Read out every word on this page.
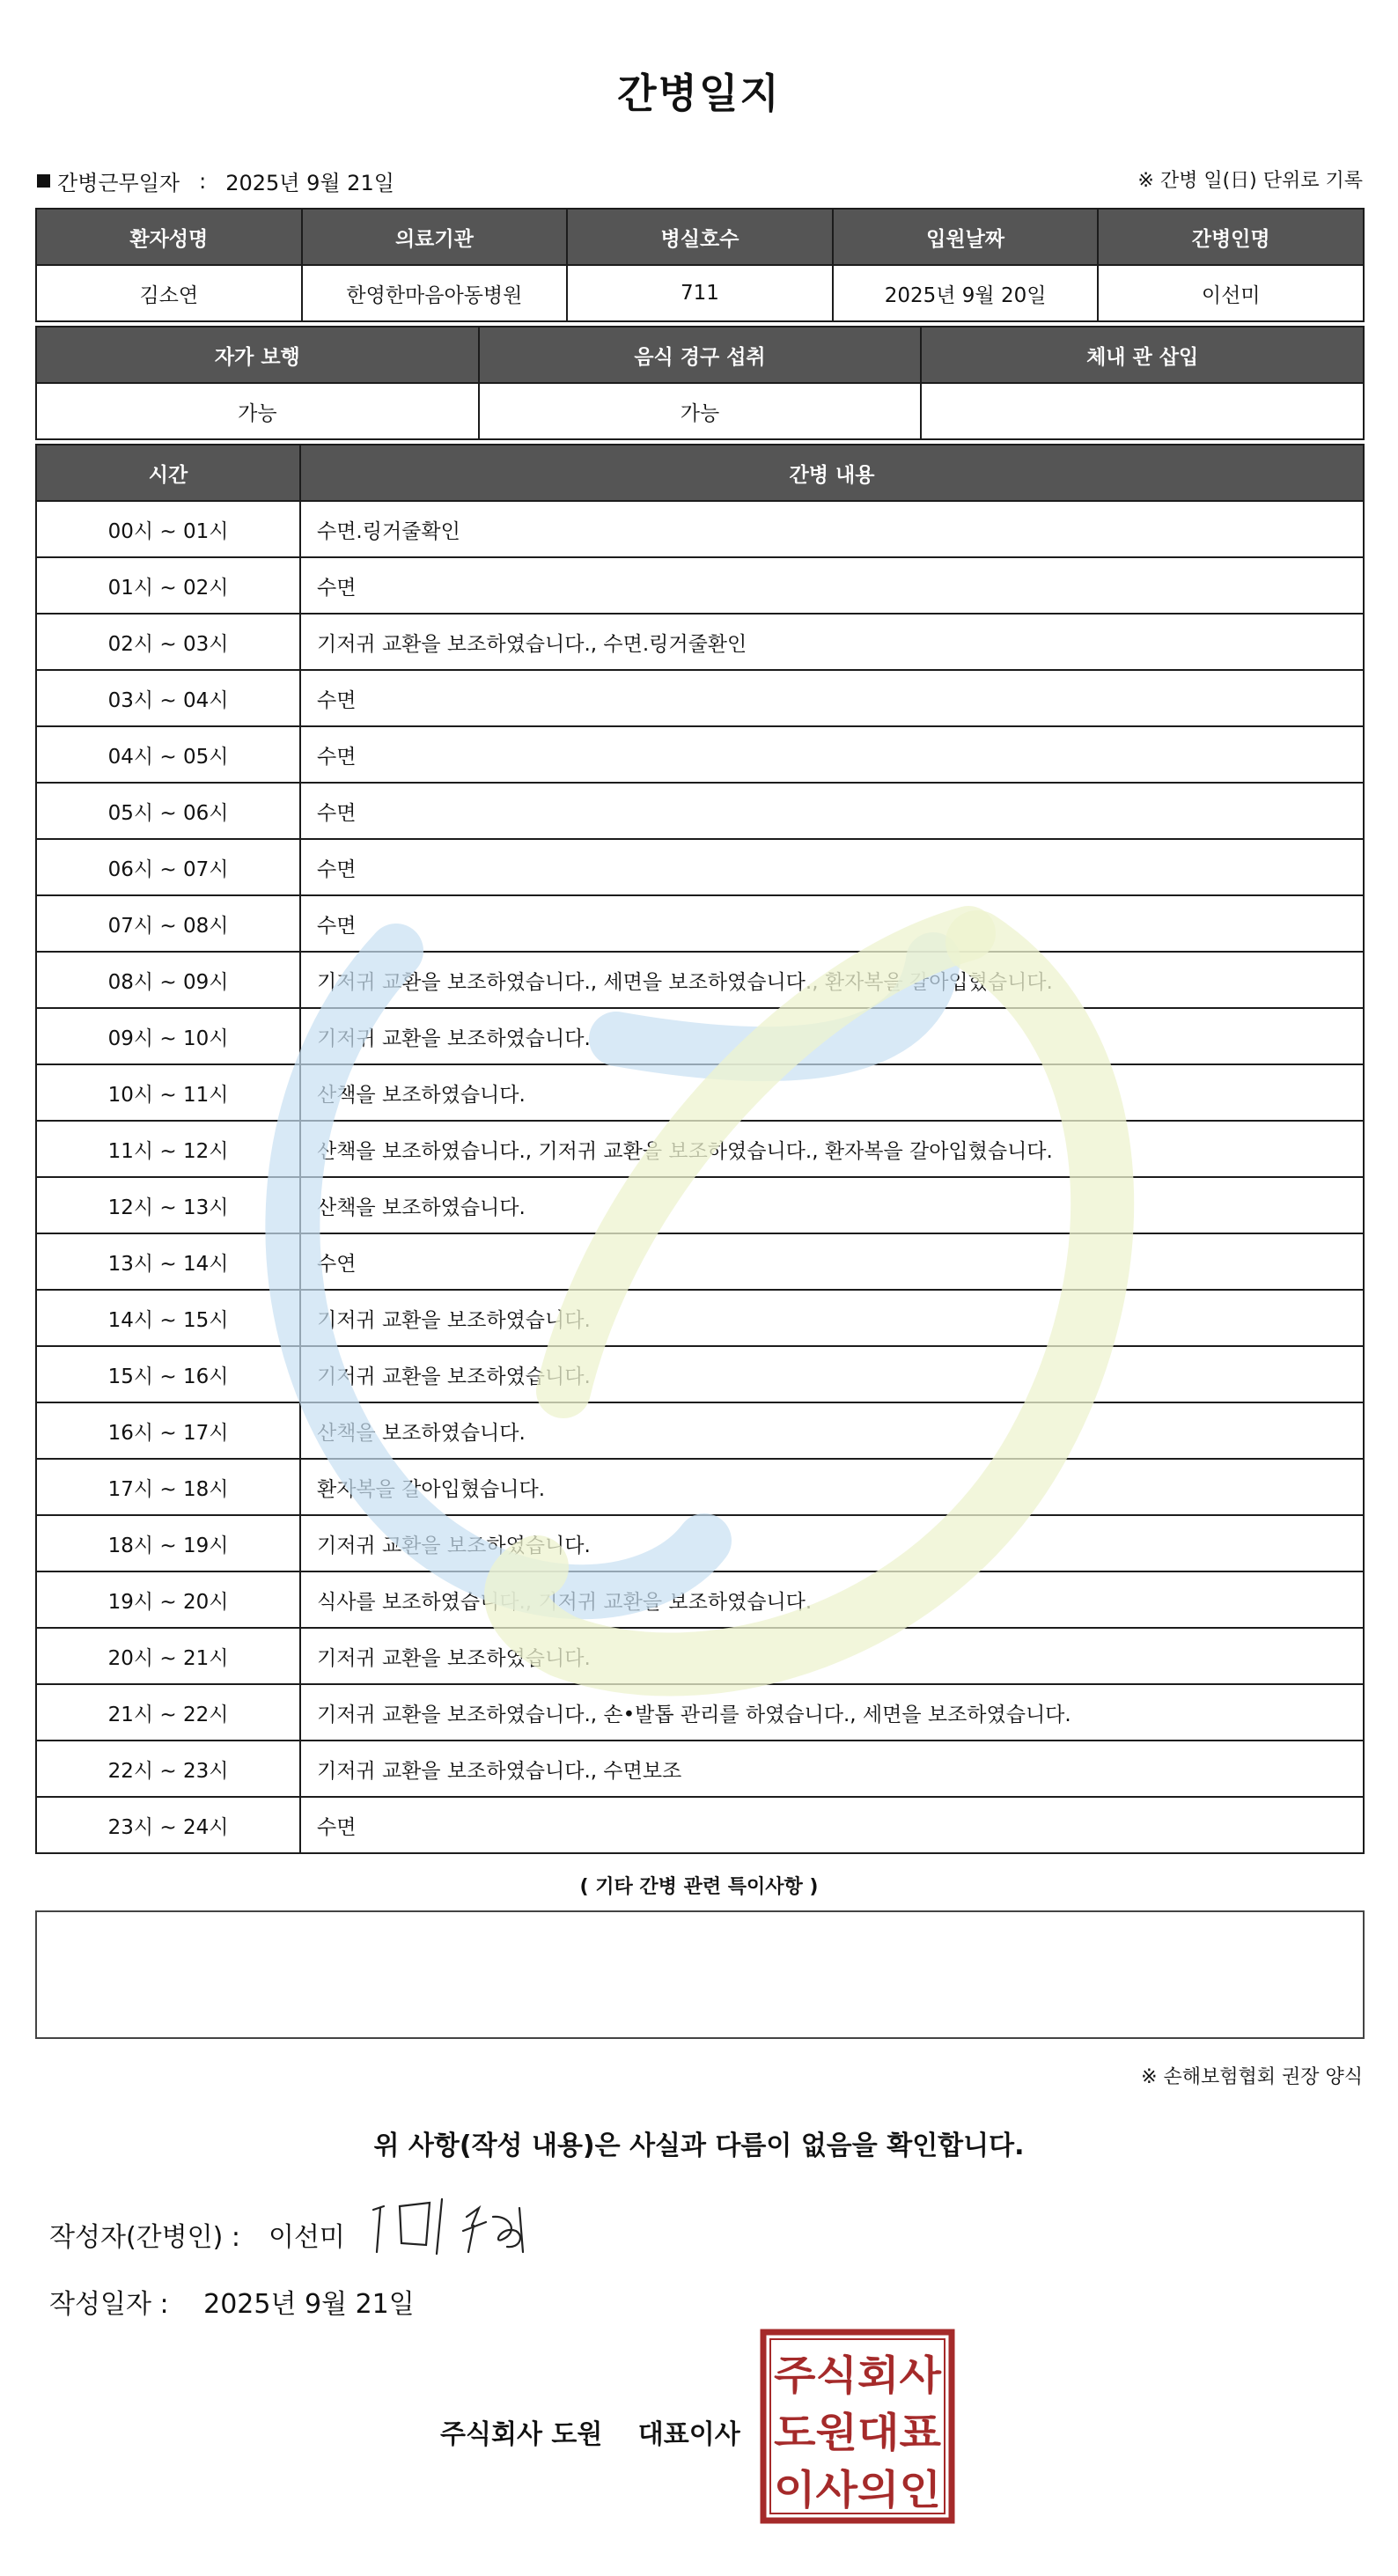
간병일지
간병근무일자 : 2025년 9월 21일	※ 간병 일(日) 단위로 기록
환자성명	의료기관	병실호수	입원날짜	간병인명
김소연	한영한마음아동병원	711	2025년 9월 20일	이선미
자가 보행	음식 경구 섭취	체내 관 삽입
가능	가능	
시간	간병 내용
00시 ~ 01시	수면.링거줄확인
01시 ~ 02시	수면
02시 ~ 03시	기저귀 교환을 보조하였습니다., 수면.링거줄환인
03시 ~ 04시	수면
04시 ~ 05시	수면
05시 ~ 06시	수면
06시 ~ 07시	수면
07시 ~ 08시	수면
08시 ~ 09시	기저귀 교환을 보조하였습니다., 세면을 보조하였습니다., 환자복을 갈아입혔습니다.
09시 ~ 10시	기저귀 교환을 보조하였습니다.
10시 ~ 11시	산책을 보조하였습니다.
11시 ~ 12시	산책을 보조하였습니다., 기저귀 교환을 보조하였습니다., 환자복을 갈아입혔습니다.
12시 ~ 13시	산책을 보조하였습니다.
13시 ~ 14시	수연
14시 ~ 15시	기저귀 교환을 보조하였습니다.
15시 ~ 16시	기저귀 교환을 보조하였습니다.
16시 ~ 17시	산책을 보조하였습니다.
17시 ~ 18시	환자복을 갈아입혔습니다.
18시 ~ 19시	기저귀 교환을 보조하였습니다.
19시 ~ 20시	식사를 보조하였습니다., 기저귀 교환을 보조하였습니다.
20시 ~ 21시	기저귀 교환을 보조하였습니다.
21시 ~ 22시	기저귀 교환을 보조하였습니다., 손•발톱 관리를 하였습니다., 세면을 보조하였습니다.
22시 ~ 23시	기저귀 교환을 보조하였습니다., 수면보조
23시 ~ 24시	수면
( 기타 간병 관련 특이사항 )
※ 손해보험협회 권장 양식
위 사항(작성 내용)은 사실과 다름이 없음을 확인합니다.
작성자(간병인) : 이선미
작성일자 : 2025년 9월 21일
주식회사 도원 대표이사
주식회사
도원대표
이사의인
